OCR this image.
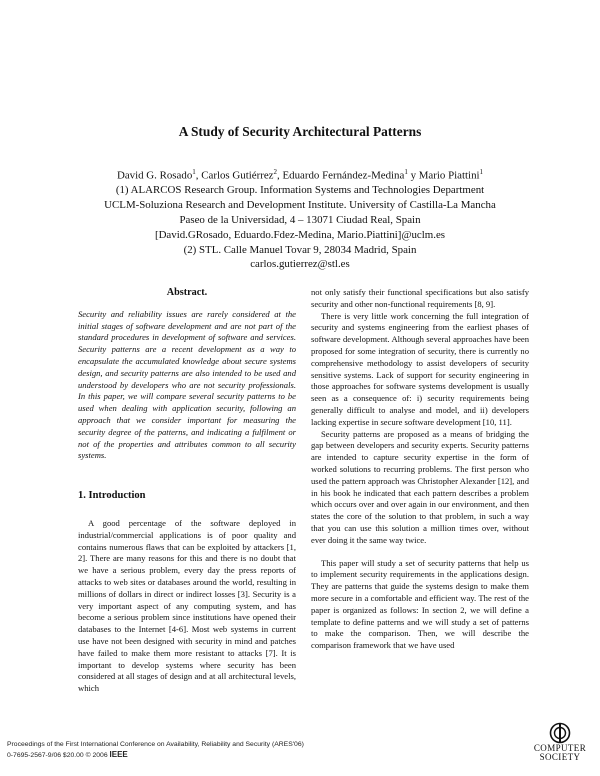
A Study of Security Architectural Patterns
David G. Rosado$^1$, Carlos Gutiérrez$^2$, Eduardo Fernández-Medina$^1$ y Mario Piattini$^1$
(1) ALARCOS Research Group. Information Systems and Technologies Department
UCLM-Soluziona Research and Development Institute. University of Castilla-La Mancha
Paseo de la Universidad, 4 – 13071 Ciudad Real, Spain
[David.GRosado, Eduardo.Fdez-Medina, Mario.Piattini]@uclm.es
(2) STL. Calle Manuel Tovar 9, 28034 Madrid, Spain
carlos.gutierrez@stl.es
Abstract.

Security and reliability issues are rarely considered at the initial stages of software development and are not part of the standard procedures in development of software and services. Security patterns are a recent development as a way to encapsulate the accumulated knowledge about secure systems design, and security patterns are also intended to be used and understood by developers who are not security professionals. In this paper, we will compare several security patterns to be used when dealing with application security, following an approach that we consider important for measuring the security degree of the patterns, and indicating a fulfilment or not of the properties and attributes common to all security systems.

1. Introduction

A good percentage of the software deployed in industrial/commercial applications is of poor quality and contains numerous flaws that can be exploited by attackers [1, 2]. There are many reasons for this and there is no doubt that we have a serious problem, every day the press reports of attacks to web sites or databases around the world, resulting in millions of dollars in direct or indirect losses [3]. Security is a very important aspect of any computing system, and has become a serious problem since institutions have opened their databases to the Internet [4-6]. Most web systems in current use have not been designed with security in mind and patches have failed to make them more resistant to attacks [7]. It is important to develop systems where security has been considered at all stages of design and at all architectural levels, which

not only satisfy their functional specifications but also satisfy security and other non-functional requirements [8, 9].

There is very little work concerning the full integration of security and systems engineering from the earliest phases of software development. Although several approaches have been proposed for some integration of security, there is currently no comprehensive methodology to assist developers of security sensitive systems. Lack of support for security engineering in those approaches for software systems development is usually seen as a consequence of: i) security requirements being generally difficult to analyse and model, and ii) developers lacking expertise in secure software development [10, 11].

Security patterns are proposed as a means of bridging the gap between developers and security experts. Security patterns are intended to capture security expertise in the form of worked solutions to recurring problems. The first person who used the pattern approach was Christopher Alexander [12], and in his book he indicated that each pattern describes a problem which occurs over and over again in our environment, and then states the core of the solution to that problem, in such a way that you can use this solution a million times over, without ever doing it the same way twice.

This paper will study a set of security patterns that help us to implement security requirements in the applications design. They are patterns that guide the systems design to make them more secure in a comfortable and efficient way. The rest of the paper is organized as follows: In section 2, we will define a template to define patterns and we will study a set of patterns to make the comparison. Then, we will describe the comparison framework that we have used

Proceedings of the First International Conference on Availability, Reliability and Security (ARES'06)
0-7695-2567-9/06 $20.00 © 2006 IEEE
COMPUTER
SOCIETY
